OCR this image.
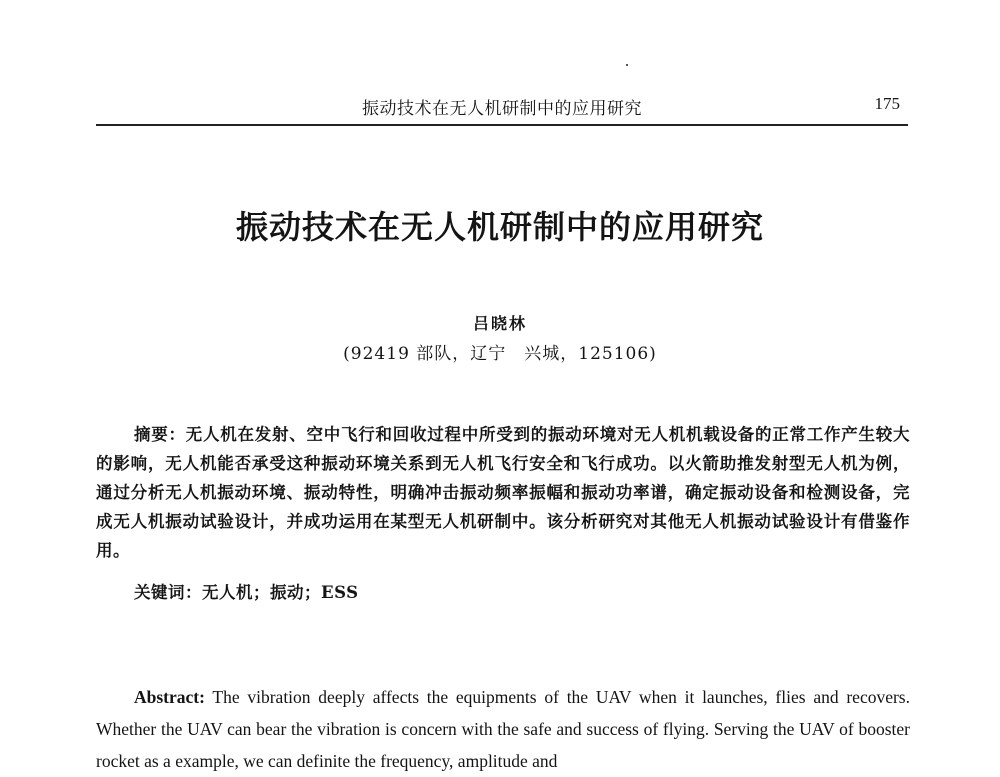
振动技术在无人机研制中的应用研究	175
振动技术在无人机研制中的应用研究
吕晓林
(92419 部队，辽宁　兴城，125106)

摘要：无人机在发射、空中飞行和回收过程中所受到的振动环境对无人机机载设备的正常工作产生较大的影响，无人机能否承受这种振动环境关系到无人机飞行安全和飞行成功。以火箭助推发射型无人机为例，通过分析无人机振动环境、振动特性，明确冲击振动频率振幅和振动功率谱，确定振动设备和检测设备，完成无人机振动试验设计，并成功运用在某型无人机研制中。该分析研究对其他无人机振动试验设计有借鉴作用。

关键词：无人机；振动；ESS

Abstract: The vibration deeply affects the equipments of the UAV when it launches, flies and recovers. Whether the UAV can bear the vibration is concern with the safe and success of flying. Serving the UAV of booster rocket as a example, we can definite the frequency, amplitude and
